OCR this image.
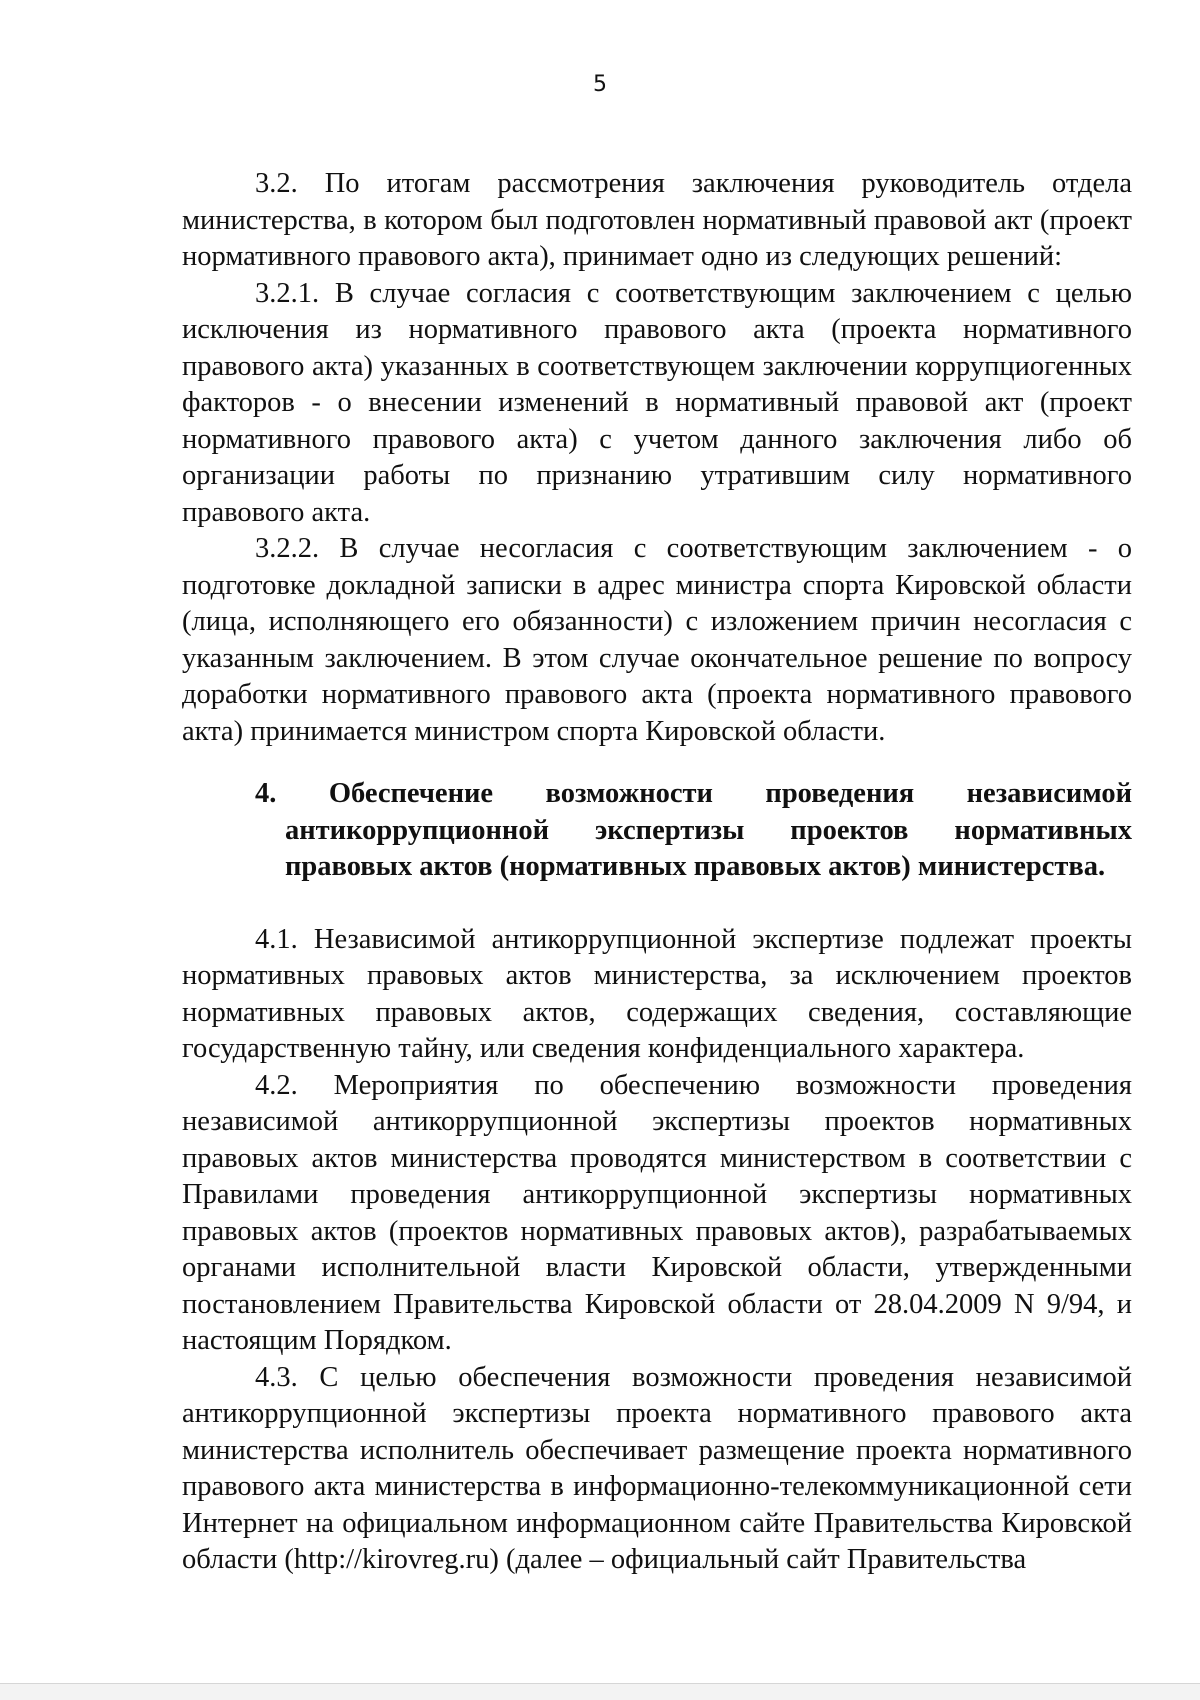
5

3.2. По итогам рассмотрения заключения руководитель отдела министерства, в котором был подготовлен нормативный правовой акт (проект нормативного правового акта), принимает одно из следующих решений:

3.2.1. В случае согласия с соответствующим заключением с целью исключения из нормативного правового акта (проекта нормативного правового акта) указанных в соответствующем заключении коррупциогенных факторов - о внесении изменений в нормативный правовой акт (проект нормативного правового акта) с учетом данного заключения либо об организации работы по признанию утратившим силу нормативного правового акта.

3.2.2. В случае несогласия с соответствующим заключением - о подготовке докладной записки в адрес министра спорта Кировской области (лица, исполняющего его обязанности) с изложением причин несогласия с указанным заключением. В этом случае окончательное решение по вопросу доработки нормативного правового акта (проекта нормативного правового акта) принимается министром спорта Кировской области.

4. Обеспечение возможности проведения независимой антикоррупционной экспертизы проектов нормативных правовых актов (нормативных правовых актов) министерства.

4.1. Независимой антикоррупционной экспертизе подлежат проекты нормативных правовых актов министерства, за исключением проектов нормативных правовых актов, содержащих сведения, составляющие государственную тайну, или сведения конфиденциального характера.

4.2. Мероприятия по обеспечению возможности проведения независимой антикоррупционной экспертизы проектов нормативных правовых актов министерства проводятся министерством в соответствии с Правилами проведения антикоррупционной экспертизы нормативных правовых актов (проектов нормативных правовых актов), разрабатываемых органами исполнительной власти Кировской области, утвержденными постановлением Правительства Кировской области от 28.04.2009 N 9/94, и настоящим Порядком.

4.3. С целью обеспечения возможности проведения независимой антикоррупционной экспертизы проекта нормативного правового акта министерства исполнитель обеспечивает размещение проекта нормативного правового акта министерства в информационно-телекоммуникационной сети Интернет на официальном информационном сайте Правительства Кировской области (http://kirovreg.ru) (далее – официальный сайт Правительства
